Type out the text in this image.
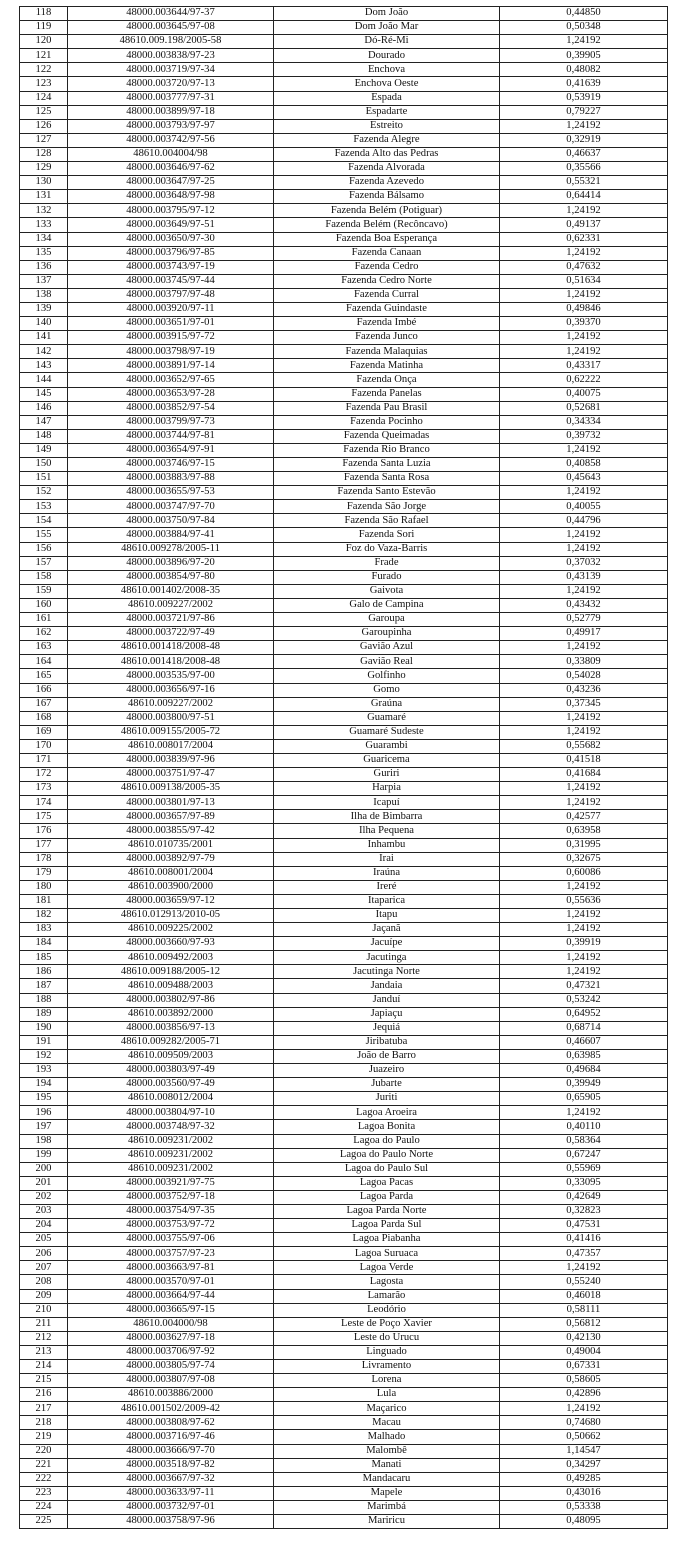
118	48000.003644/97-37	Dom João	0,44850
119	48000.003645/97-08	Dom João Mar	0,50348
120	48610.009.198/2005-58	Dó-Ré-Mi	1,24192
121	48000.003838/97-23	Dourado	0,39905
122	48000.003719/97-34	Enchova	0,48082
123	48000.003720/97-13	Enchova Oeste	0,41639
124	48000.003777/97-31	Espada	0,53919
125	48000.003899/97-18	Espadarte	0,79227
126	48000.003793/97-97	Estreito	1,24192
127	48000.003742/97-56	Fazenda Alegre	0,32919
128	48610.004004/98	Fazenda Alto das Pedras	0,46637
129	48000.003646/97-62	Fazenda Alvorada	0,35566
130	48000.003647/97-25	Fazenda Azevedo	0,55321
131	48000.003648/97-98	Fazenda Bálsamo	0,64414
132	48000.003795/97-12	Fazenda Belém (Potiguar)	1,24192
133	48000.003649/97-51	Fazenda Belém (Recôncavo)	0,49137
134	48000.003650/97-30	Fazenda Boa Esperança	0,62331
135	48000.003796/97-85	Fazenda Canaan	1,24192
136	48000.003743/97-19	Fazenda Cedro	0,47632
137	48000.003745/97-44	Fazenda Cedro Norte	0,51634
138	48000.003797/97-48	Fazenda Curral	1,24192
139	48000.003920/97-11	Fazenda Guindaste	0,49846
140	48000.003651/97-01	Fazenda Imbé	0,39370
141	48000.003915/97-72	Fazenda Junco	1,24192
142	48000.003798/97-19	Fazenda Malaquias	1,24192
143	48000.003891/97-14	Fazenda Matinha	0,43317
144	48000.003652/97-65	Fazenda Onça	0,62222
145	48000.003653/97-28	Fazenda Panelas	0,40075
146	48000.003852/97-54	Fazenda Pau Brasil	0,52681
147	48000.003799/97-73	Fazenda Pocinho	0,34334
148	48000.003744/97-81	Fazenda Queimadas	0,39732
149	48000.003654/97-91	Fazenda Rio Branco	1,24192
150	48000.003746/97-15	Fazenda Santa Luzia	0,40858
151	48000.003883/97-88	Fazenda Santa Rosa	0,45643
152	48000.003655/97-53	Fazenda Santo Estevão	1,24192
153	48000.003747/97-70	Fazenda São Jorge	0,40055
154	48000.003750/97-84	Fazenda São Rafael	0,44796
155	48000.003884/97-41	Fazenda Sori	1,24192
156	48610.009278/2005-11	Foz do Vaza-Barris	1,24192
157	48000.003896/97-20	Frade	0,37032
158	48000.003854/97-80	Furado	0,43139
159	48610.001402/2008-35	Gaivota	1,24192
160	48610.009227/2002	Galo de Campina	0,43432
161	48000.003721/97-86	Garoupa	0,52779
162	48000.003722/97-49	Garoupinha	0,49917
163	48610.001418/2008-48	Gavião Azul	1,24192
164	48610.001418/2008-48	Gavião Real	0,33809
165	48000.003535/97-00	Golfinho	0,54028
166	48000.003656/97-16	Gomo	0,43236
167	48610.009227/2002	Graúna	0,37345
168	48000.003800/97-51	Guamaré	1,24192
169	48610.009155/2005-72	Guamaré Sudeste	1,24192
170	48610.008017/2004	Guarambi	0,55682
171	48000.003839/97-96	Guaricema	0,41518
172	48000.003751/97-47	Guriri	0,41684
173	48610.009138/2005-35	Harpia	1,24192
174	48000.003801/97-13	Icapuí	1,24192
175	48000.003657/97-89	Ilha de Bimbarra	0,42577
176	48000.003855/97-42	Ilha Pequena	0,63958
177	48610.010735/2001	Inhambu	0,31995
178	48000.003892/97-79	Irai	0,32675
179	48610.008001/2004	Iraúna	0,60086
180	48610.003900/2000	Ireré	1,24192
181	48000.003659/97-12	Itaparica	0,55636
182	48610.012913/2010-05	Itapu	1,24192
183	48610.009225/2002	Jaçanã	1,24192
184	48000.003660/97-93	Jacuípe	0,39919
185	48610.009492/2003	Jacutinga	1,24192
186	48610.009188/2005-12	Jacutinga Norte	1,24192
187	48610.009488/2003	Jandaia	0,47321
188	48000.003802/97-86	Janduí	0,53242
189	48610.003892/2000	Japiaçu	0,64952
190	48000.003856/97-13	Jequiá	0,68714
191	48610.009282/2005-71	Jiribatuba	0,46607
192	48610.009509/2003	João de Barro	0,63985
193	48000.003803/97-49	Juazeiro	0,49684
194	48000.003560/97-49	Jubarte	0,39949
195	48610.008012/2004	Juriti	0,65905
196	48000.003804/97-10	Lagoa Aroeira	1,24192
197	48000.003748/97-32	Lagoa Bonita	0,40110
198	48610.009231/2002	Lagoa do Paulo	0,58364
199	48610.009231/2002	Lagoa do Paulo Norte	0,67247
200	48610.009231/2002	Lagoa do Paulo Sul	0,55969
201	48000.003921/97-75	Lagoa Pacas	0,33095
202	48000.003752/97-18	Lagoa Parda	0,42649
203	48000.003754/97-35	Lagoa Parda Norte	0,32823
204	48000.003753/97-72	Lagoa Parda Sul	0,47531
205	48000.003755/97-06	Lagoa Piabanha	0,41416
206	48000.003757/97-23	Lagoa Suruaca	0,47357
207	48000.003663/97-81	Lagoa Verde	1,24192
208	48000.003570/97-01	Lagosta	0,55240
209	48000.003664/97-44	Lamarão	0,46018
210	48000.003665/97-15	Leodório	0,58111
211	48610.004000/98	Leste de Poço Xavier	0,56812
212	48000.003627/97-18	Leste do Urucu	0,42130
213	48000.003706/97-92	Linguado	0,49004
214	48000.003805/97-74	Livramento	0,67331
215	48000.003807/97-08	Lorena	0,58605
216	48610.003886/2000	Lula	0,42896
217	48610.001502/2009-42	Maçarico	1,24192
218	48000.003808/97-62	Macau	0,74680
219	48000.003716/97-46	Malhado	0,50662
220	48000.003666/97-70	Malombê	1,14547
221	48000.003518/97-82	Manati	0,34297
222	48000.003667/97-32	Mandacaru	0,49285
223	48000.003633/97-11	Mapele	0,43016
224	48000.003732/97-01	Marimbá	0,53338
225	48000.003758/97-96	Mariricu	0,48095
